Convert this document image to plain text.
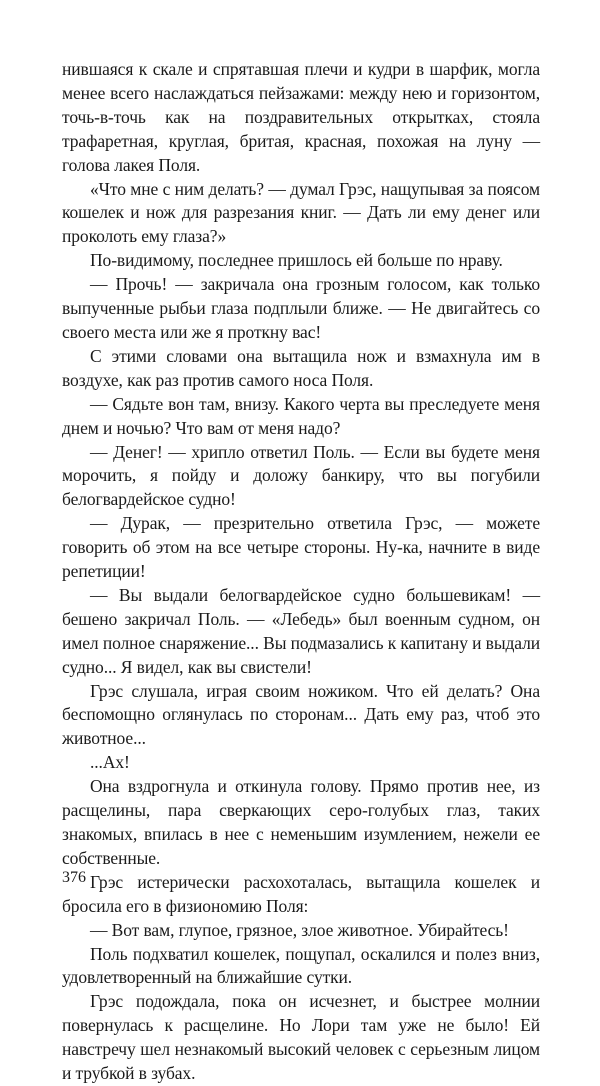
нившаяся к скале и спрятавшая плечи и кудри в шарфик, могла менее всего наслаждаться пейзажами: между нею и горизонтом, точь-в-точь как на поздравительных открытках, стояла трафаретная, круглая, бритая, красная, похожая на луну — голова лакея Поля.

«Что мне с ним делать? — думал Грэс, нащупывая за поясом кошелек и нож для разрезания книг. — Дать ли ему денег или проколоть ему глаза?»

По-видимому, последнее пришлось ей больше по нраву.

— Прочь! — закричала она грозным голосом, как только выпученные рыбьи глаза подплыли ближе. — Не двигайтесь со своего места или же я проткну вас!

С этими словами она вытащила нож и взмахнула им в воздухе, как раз против самого носа Поля.

— Сядьте вон там, внизу. Какого черта вы преследуете меня днем и ночью? Что вам от меня надо?

— Денег! — хрипло ответил Поль. — Если вы будете меня морочить, я пойду и доложу банкиру, что вы погубили белогвардейское судно!

— Дурак, — презрительно ответила Грэс, — можете говорить об этом на все четыре стороны. Ну-ка, начните в виде репетиции!

— Вы выдали белогвардейское судно большевикам! — бешено закричал Поль. — «Лебедь» был военным судном, он имел полное снаряжение... Вы подмазались к капитану и выдали судно... Я видел, как вы свистели!

Грэс слушала, играя своим ножиком. Что ей делать? Она беспомощно оглянулась по сторонам... Дать ему раз, чтоб это животное...

...Ах!

Она вздрогнула и откинула голову. Прямо против нее, из расщелины, пара сверкающих серо-голубых глаз, таких знакомых, впилась в нее с неменьшим изумлением, нежели ее собственные.

Грэс истерически расхохоталась, вытащила кошелек и бросила его в физиономию Поля:

— Вот вам, глупое, грязное, злое животное. Убирайтесь!

Поль подхватил кошелек, пощупал, оскалился и полез вниз, удовлетворенный на ближайшие сутки.

Грэс подождала, пока он исчезнет, и быстрее молнии повернулась к расщелине. Но Лори там уже не было! Ей навстречу шел незнакомый высокий человек с серьезным лицом и трубкой в зубах.

376
